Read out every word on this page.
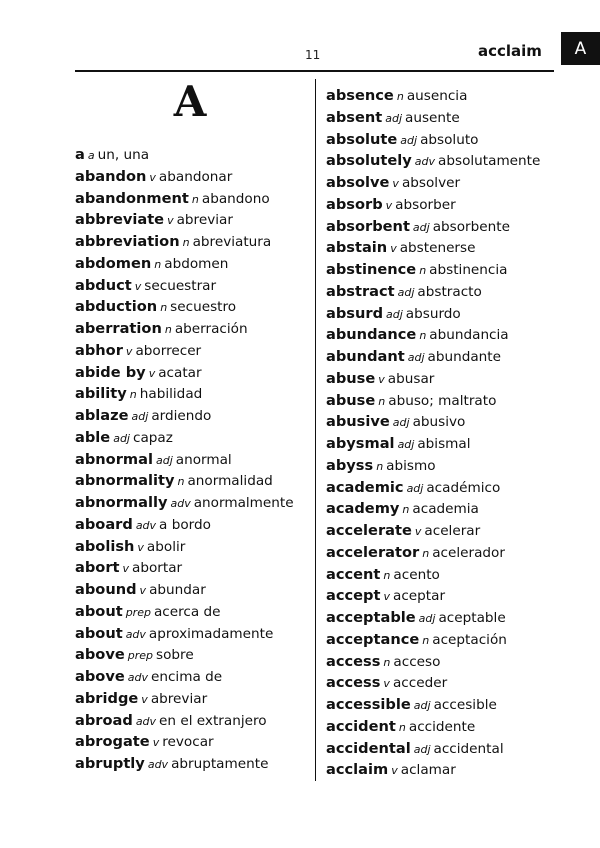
11	acclaim	A
A
a a un, una
abandon v abandonar
abandonment n abandono
abbreviate v abreviar
abbreviation n abreviatura
abdomen n abdomen
abduct v secuestrar
abduction n secuestro
aberration n aberración
abhor v aborrecer
abide by v acatar
ability n habilidad
ablaze adj ardiendo
able adj capaz
abnormal adj anormal
abnormality n anormalidad
abnormally adv anormalmente
aboard adv a bordo
abolish v abolir
abort v abortar
abound v abundar
about prep acerca de
about adv aproximadamente
above prep sobre
above adv encima de
abridge v abreviar
abroad adv en el extranjero
abrogate v revocar
abruptly adv abruptamente
absence n ausencia
absent adj ausente
absolute adj absoluto
absolutely adv absolutamente
absolve v absolver
absorb v absorber
absorbent adj absorbente
abstain v abstenerse
abstinence n abstinencia
abstract adj abstracto
absurd adj absurdo
abundance n abundancia
abundant adj abundante
abuse v abusar
abuse n abuso; maltrato
abusive adj abusivo
abysmal adj abismal
abyss n abismo
academic adj académico
academy n academia
accelerate v acelerar
accelerator n acelerador
accent n acento
accept v aceptar
acceptable adj aceptable
acceptance n aceptación
access n acceso
access v acceder
accessible adj accesible
accident n accidente
accidental adj accidental
acclaim v aclamar
